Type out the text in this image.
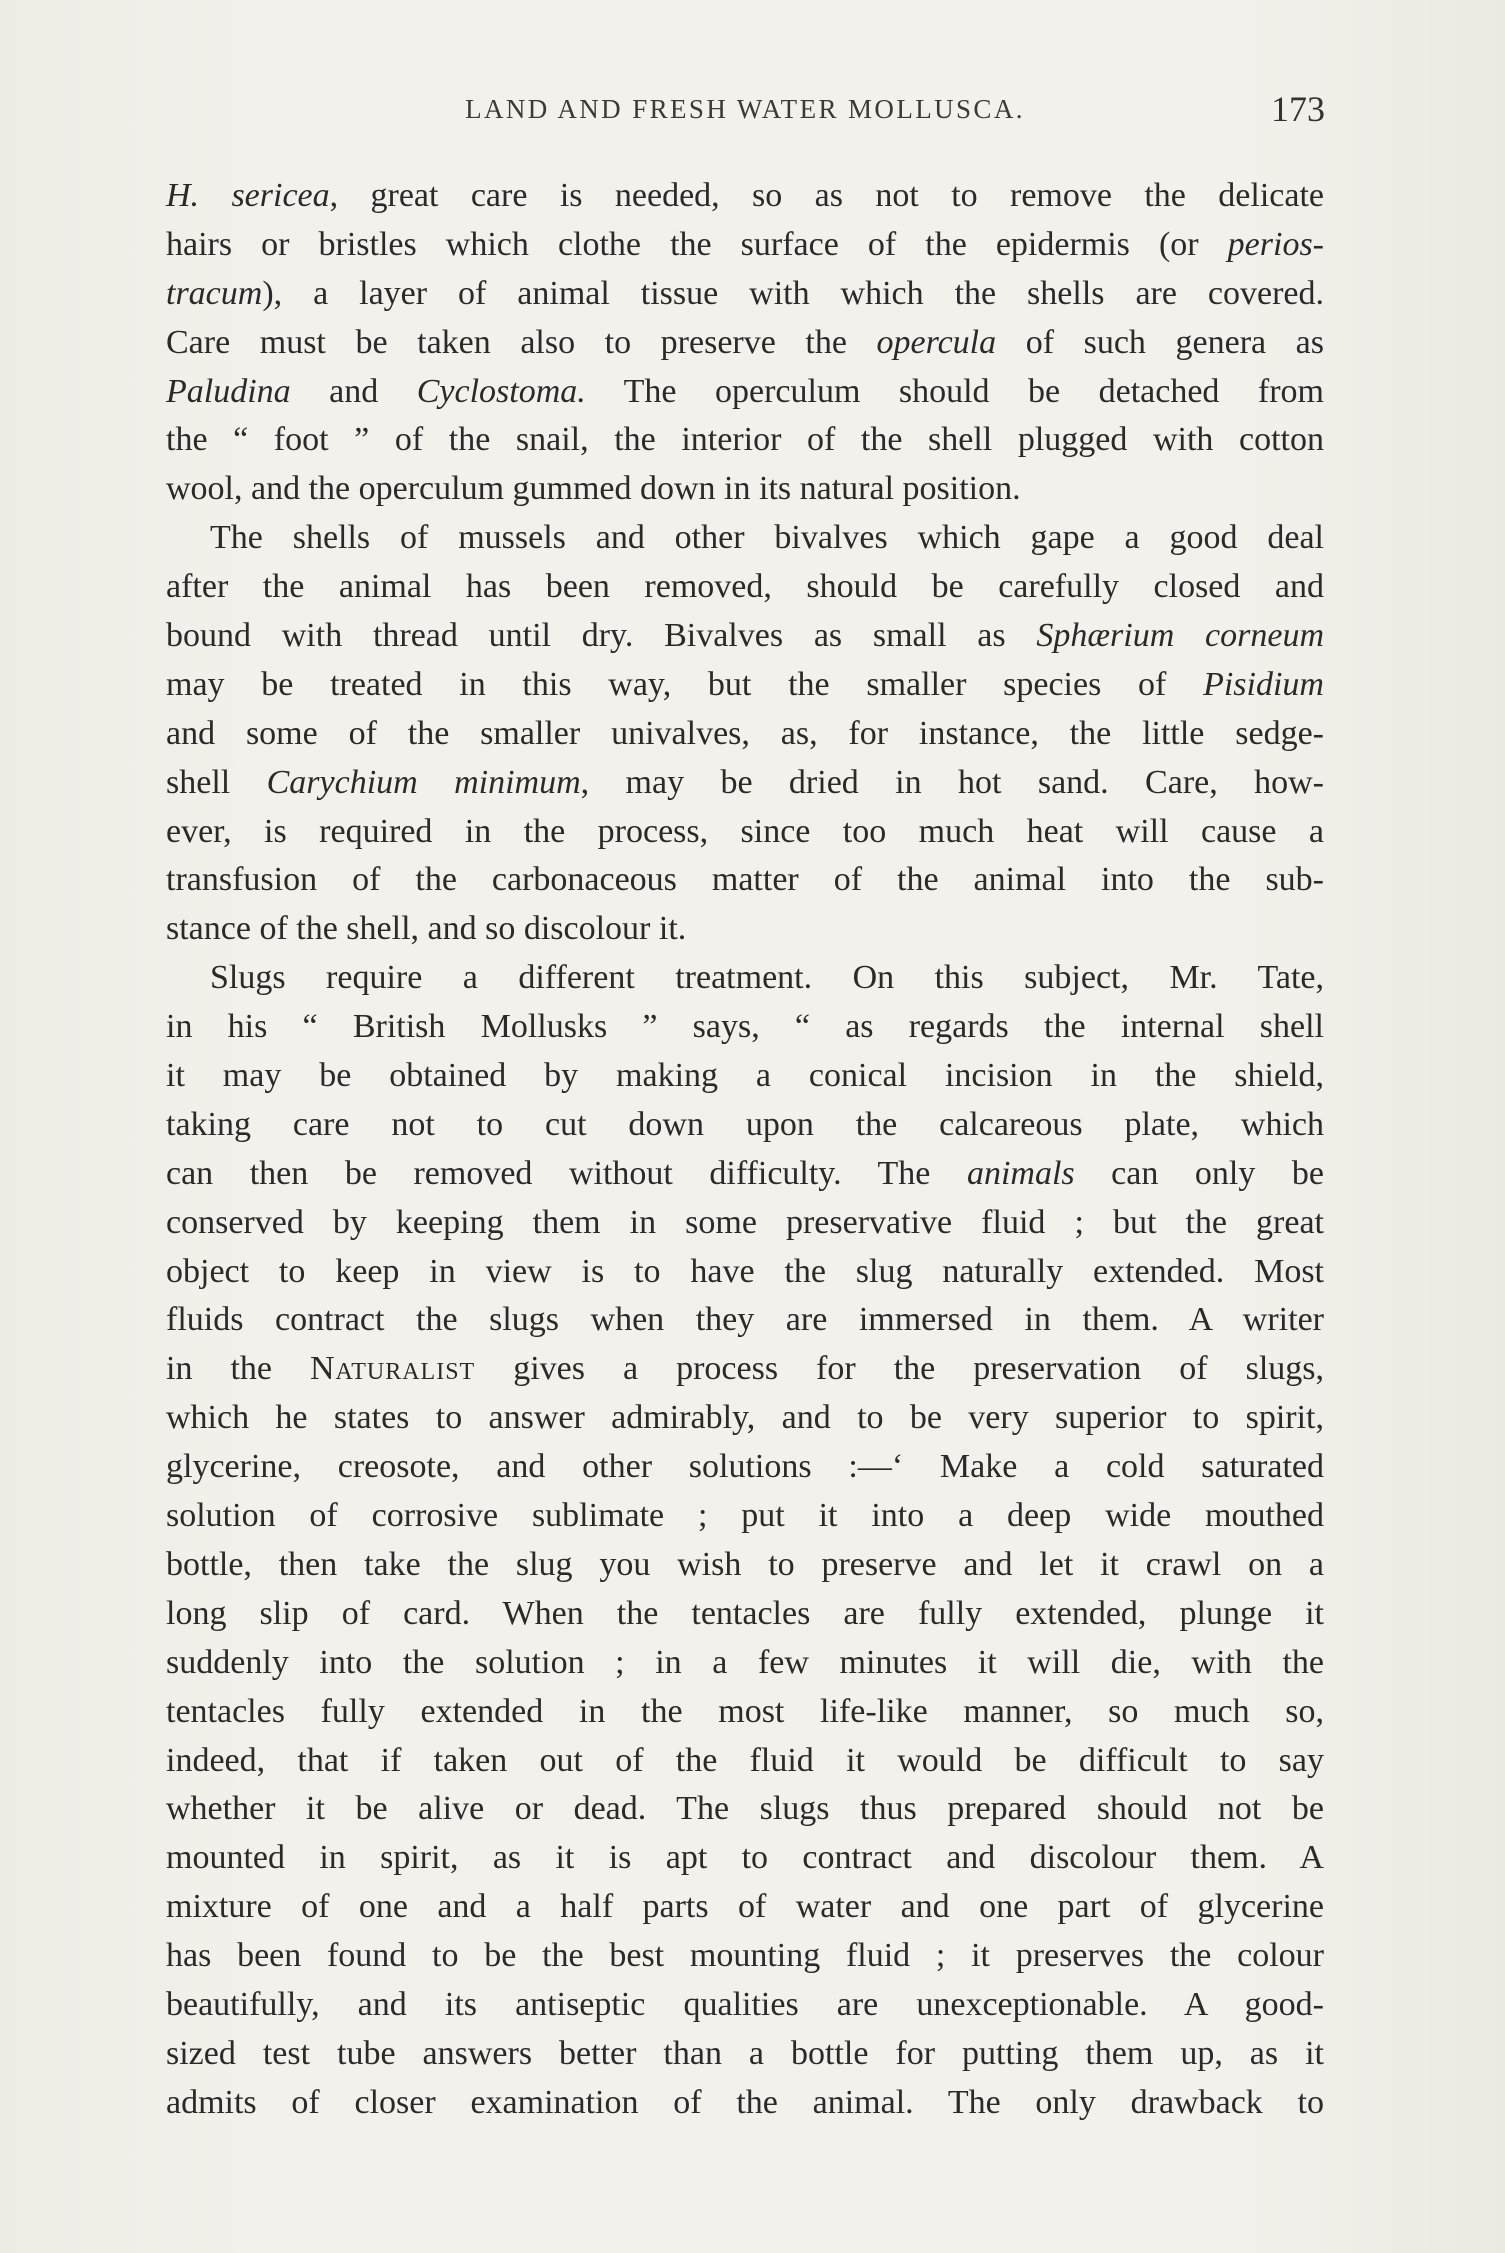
LAND AND FRESH WATER MOLLUSCA.	173
H. sericea, great care is needed, so as not to remove the delicate
hairs or bristles which clothe the surface of the epidermis (or perios-
tracum), a layer of animal tissue with which the shells are covered.
Care must be taken also to preserve the opercula of such genera as
Paludina and Cyclostoma. The operculum should be detached from
the “ foot ” of the snail, the interior of the shell plugged with cotton
wool, and the operculum gummed down in its natural position.
The shells of mussels and other bivalves which gape a good deal
after the animal has been removed, should be carefully closed and
bound with thread until dry. Bivalves as small as Sphærium corneum
may be treated in this way, but the smaller species of Pisidium
and some of the smaller univalves, as, for instance, the little sedge-
shell Carychium minimum, may be dried in hot sand. Care, how-
ever, is required in the process, since too much heat will cause a
transfusion of the carbonaceous matter of the animal into the sub-
stance of the shell, and so discolour it.
Slugs require a different treatment. On this subject, Mr. Tate,
in his “ British Mollusks ” says, “ as regards the internal shell
it may be obtained by making a conical incision in the shield,
taking care not to cut down upon the calcareous plate, which
can then be removed without difficulty. The animals can only be
conserved by keeping them in some preservative fluid ; but the great
object to keep in view is to have the slug naturally extended. Most
fluids contract the slugs when they are immersed in them. A writer
in the Naturalist gives a process for the preservation of slugs,
which he states to answer admirably, and to be very superior to spirit,
glycerine, creosote, and other solutions :—‘ Make a cold saturated
solution of corrosive sublimate ; put it into a deep wide mouthed
bottle, then take the slug you wish to preserve and let it crawl on a
long slip of card. When the tentacles are fully extended, plunge it
suddenly into the solution ; in a few minutes it will die, with the
tentacles fully extended in the most life-like manner, so much so,
indeed, that if taken out of the fluid it would be difficult to say
whether it be alive or dead. The slugs thus prepared should not be
mounted in spirit, as it is apt to contract and discolour them. A
mixture of one and a half parts of water and one part of glycerine
has been found to be the best mounting fluid ; it preserves the colour
beautifully, and its antiseptic qualities are unexceptionable. A good-
sized test tube answers better than a bottle for putting them up, as it
admits of closer examination of the animal. The only drawback to
